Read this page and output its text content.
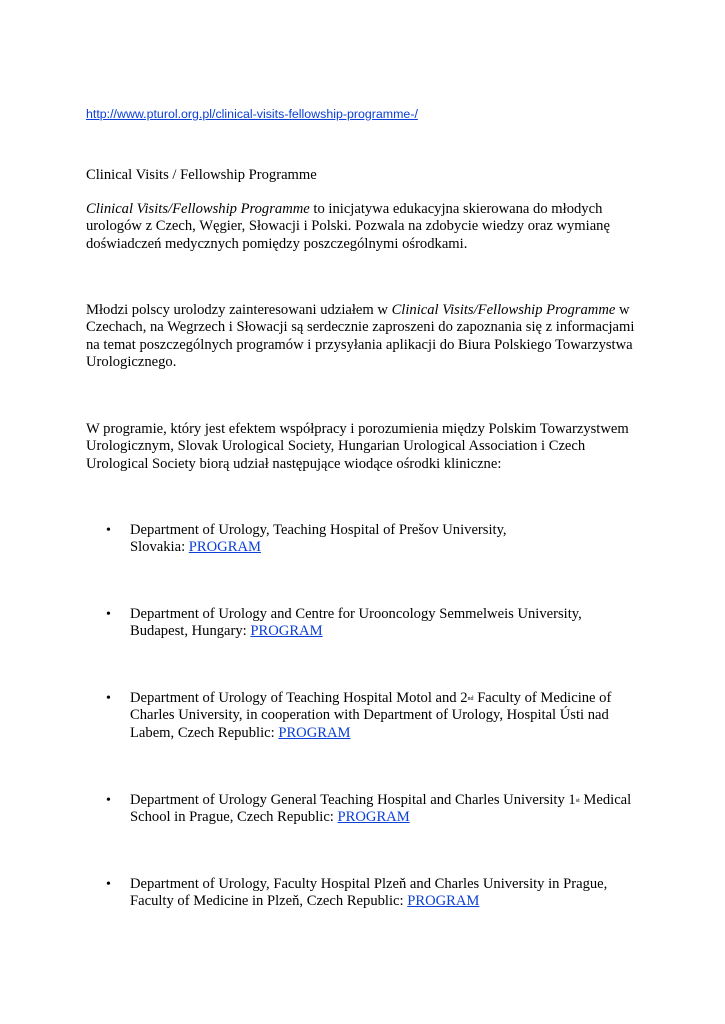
http://www.pturol.org.pl/clinical-visits-fellowship-programme-/

Clinical Visits / Fellowship Programme

Clinical Visits/Fellowship Programme to inicjatywa edukacyjna skierowana do młodych urologów z Czech, Węgier, Słowacji i Polski. Pozwala na zdobycie wiedzy oraz wymianę doświadczeń medycznych pomiędzy poszczególnymi ośrodkami.

Młodzi polscy urolodzy zainteresowani udziałem w Clinical Visits/Fellowship Programme w Czechach, na Wegrzech i Słowacji są serdecznie zaproszeni do zapoznania się z informacjami na temat poszczególnych programów i przysyłania aplikacji do Biura Polskiego Towarzystwa Urologicznego.

W programie, który jest efektem współpracy i porozumienia między Polskim Towarzystwem Urologicznym, Slovak Urological Society, Hungarian Urological Association i Czech Urological Society biorą udział następujące wiodące ośrodki kliniczne:

• Department of Urology, Teaching Hospital of Prešov University,
Slovakia: PROGRAM

• Department of Urology and Centre for Urooncology Semmelweis University,
Budapest, Hungary: PROGRAM

• Department of Urology of Teaching Hospital Motol and 2nd Faculty of Medicine of
Charles University, in cooperation with Department of Urology, Hospital Ústi nad
Labem, Czech Republic: PROGRAM

• Department of Urology General Teaching Hospital and Charles University 1st Medical
School in Prague, Czech Republic: PROGRAM

• Department of Urology, Faculty Hospital Plzeň and Charles University in Prague,
Faculty of Medicine in Plzeň, Czech Republic: PROGRAM
